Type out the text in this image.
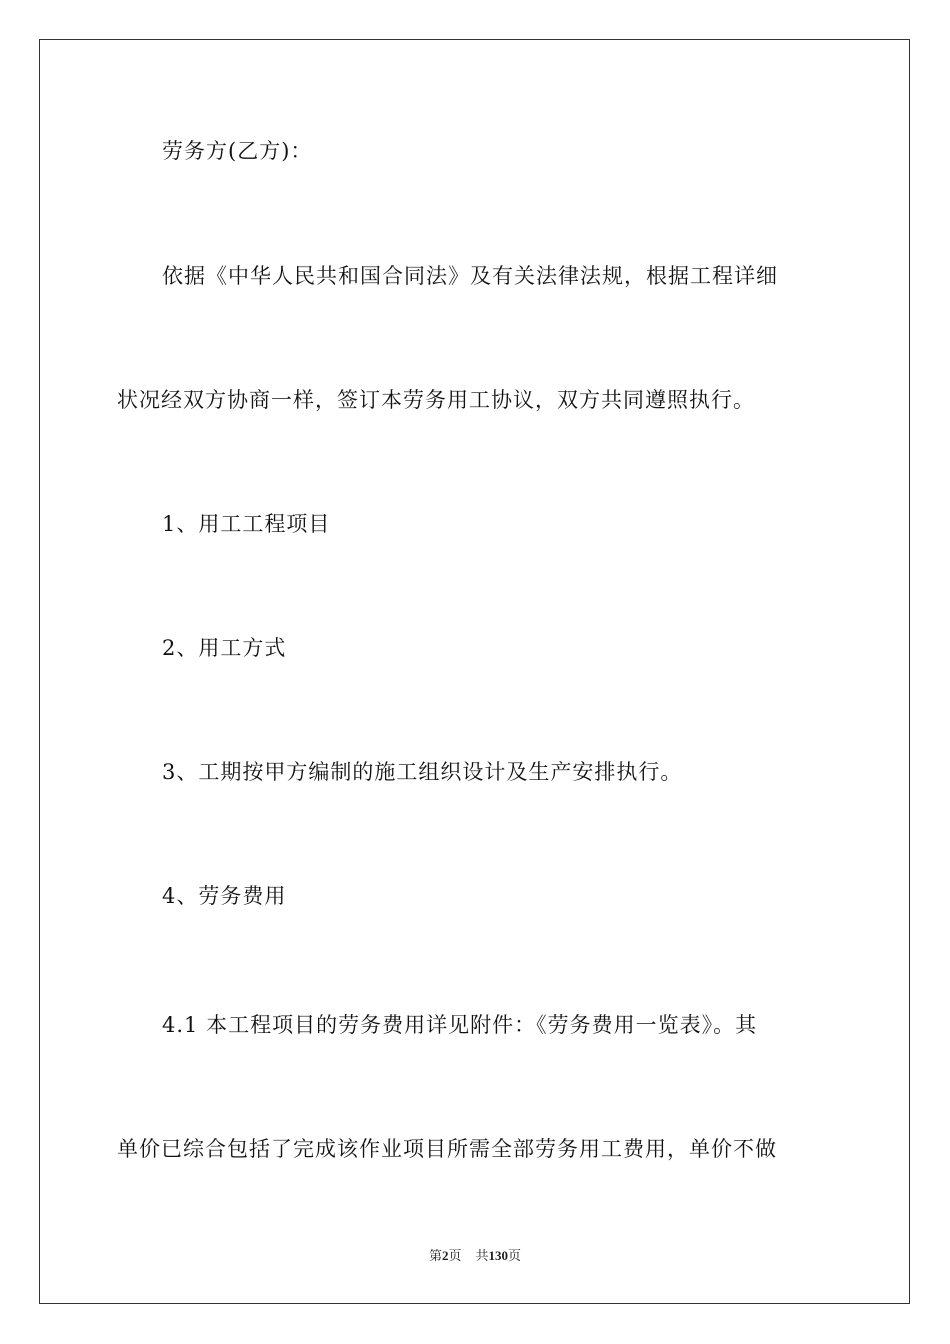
劳务方(乙方)：
依据《中华人民共和国合同法》及有关法律法规，根据工程详细
状况经双方协商一样，签订本劳务用工协议，双方共同遵照执行。
1、用工工程项目
2、用工方式
3、工期按甲方编制的施工组织设计及生产安排执行。
4、劳务费用
4.1 本工程项目的劳务费用详见附件：《劳务费用一览表》。其
单价已综合包括了完成该作业项目所需全部劳务用工费用，单价不做
第2页 共130页
